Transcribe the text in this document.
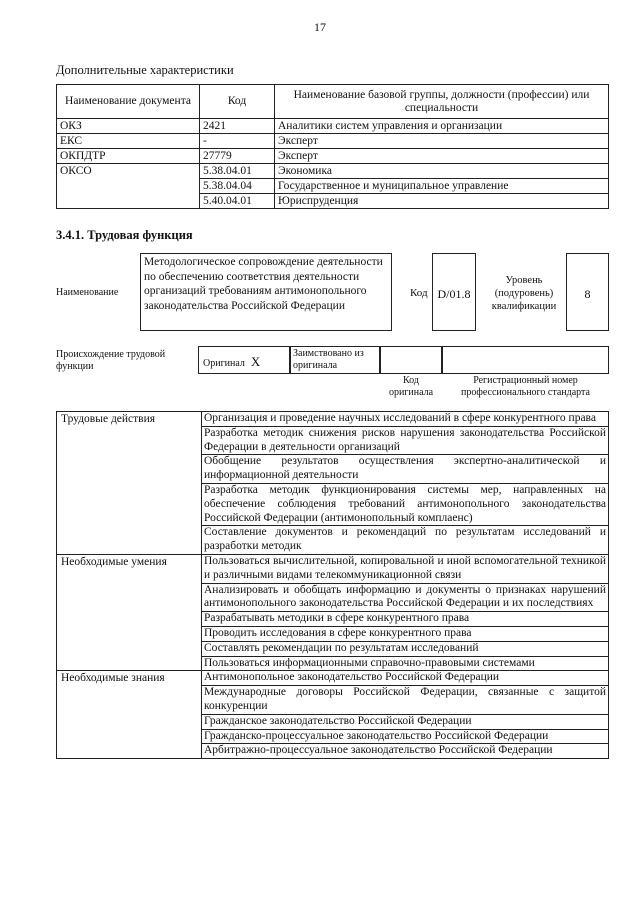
17
Дополнительные характеристики
Наименование документа	Код	Наименование базовой группы, должности (профессии) или специальности
ОКЗ	2421	Аналитики систем управления и организации
ЕКС	-	Эксперт
ОКПДТР	27779	Эксперт
ОКСО	5.38.04.01	Экономика
	5.38.04.04	Государственное и муниципальное управление
	5.40.04.01	Юриспруденция
3.4.1. Трудовая функция
Наименование
Методологическое сопровождение деятельности по обеспечению соответствия деятельности организаций требованиям антимонопольного законодательства Российской Федерации
Код D/01.8
Уровень (подуровень) квалификации
8
Происхождение трудовой функции	Оригинал X
Заимствовано из оригинала
Код оригинала
Регистрационный номер профессионального стандарта
Трудовые действия	Организация и проведение научных исследований в сфере конкурентного права
	Разработка методик снижения рисков нарушения законодательства Российской Федерации в деятельности организаций
	Обобщение результатов осуществления экспертно-аналитической и информационной деятельности
	Разработка методик функционирования системы мер, направленных на обеспечение соблюдения требований антимонопольного законодательства Российской Федерации (антимонопольный комплаенс)
	Составление документов и рекомендаций по результатам исследований и разработки методик
Необходимые умения	Пользоваться вычислительной, копировальной и иной вспомогательной техникой и различными видами телекоммуникационной связи
	Анализировать и обобщать информацию и документы о признаках нарушений антимонопольного законодательства Российской Федерации и их последствиях
	Разрабатывать методики в сфере конкурентного права
	Проводить исследования в сфере конкурентного права
	Составлять рекомендации по результатам исследований
	Пользоваться информационными справочно-правовыми системами
Необходимые знания	Антимонопольное законодательство Российской Федерации
	Международные договоры Российской Федерации, связанные с защитой конкуренции
	Гражданское законодательство Российской Федерации
	Гражданско-процессуальное законодательство Российской Федерации
	Арбитражно-процессуальное законодательство Российской Федерации
